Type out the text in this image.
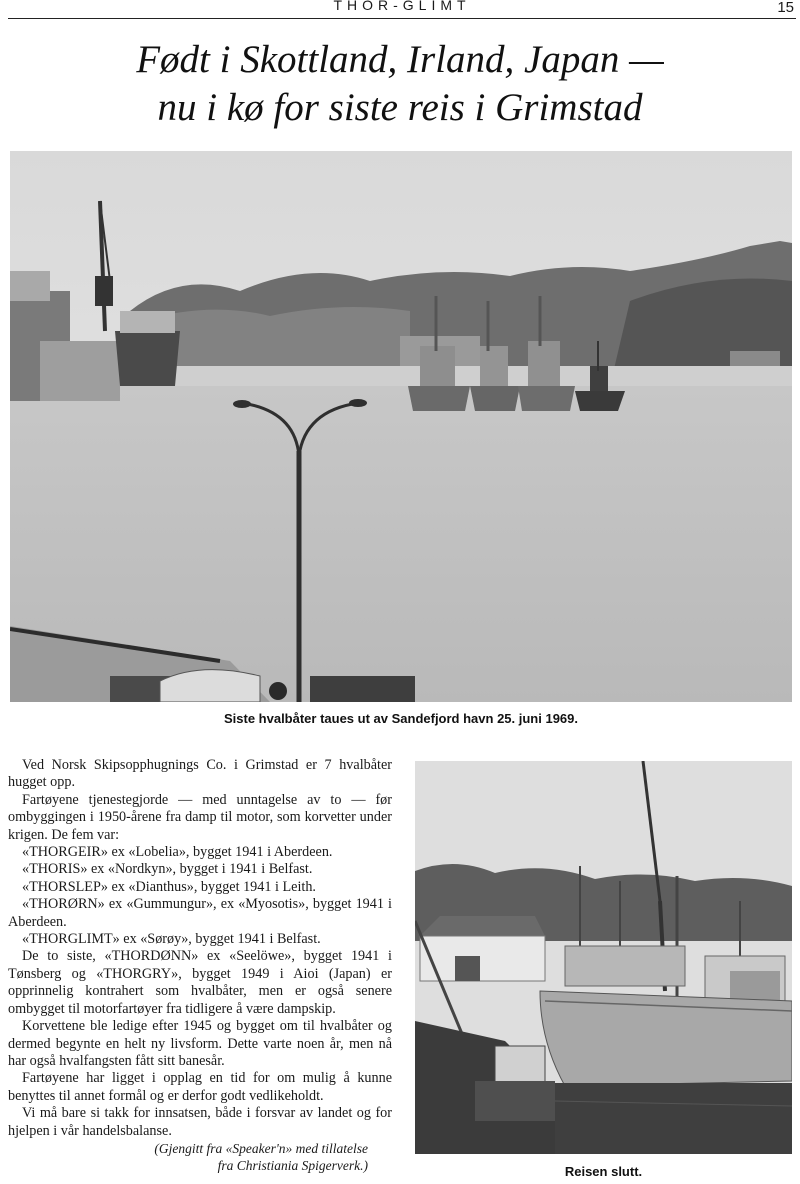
THOR-GLIMT	15
Født i Skottland, Irland, Japan —
nu i kø for siste reis i Grimstad
Siste hvalbåter taues ut av Sandefjord havn 25. juni 1969.

Ved Norsk Skipsopphugnings Co. i Grimstad er 7 hvalbåter hugget opp.

Fartøyene tjenestegjorde — med unntagelse av to — før ombyggingen i 1950-årene fra damp til motor, som korvetter under krigen. De fem var:

«THORGEIR» ex «Lobelia», bygget 1941 i Aberdeen.

«THORIS» ex «Nordkyn», bygget i 1941 i Belfast.

«THORSLEP» ex «Dianthus», bygget 1941 i Leith.

«THORØRN» ex «Gummungur», ex «Myosotis», bygget 1941 i Aberdeen.

«THORGLIMT» ex «Sørøy», bygget 1941 i Belfast.

De to siste, «THORDØNN» ex «Seelöwe», bygget 1941 i Tønsberg og «THORGRY», bygget 1949 i Aioi (Japan) er opprinnelig kontrahert som hvalbåter, men er også senere ombygget til motorfartøyer fra tidligere å være dampskip.

Korvettene ble ledige efter 1945 og bygget om til hvalbåter og dermed begynte en helt ny livsform. Dette varte noen år, men nå har også hvalfangsten fått sitt banesår.

Fartøyene har ligget i opplag en tid for om mulig å kunne benyttes til annet formål og er derfor godt vedlikeholdt.

Vi må bare si takk for innsatsen, både i forsvar av landet og for hjelpen i vår handelsbalanse.

(Gjengitt fra «Speaker'n» med tillatelse
fra Christiania Spigerverk.)	Reisen slutt.
